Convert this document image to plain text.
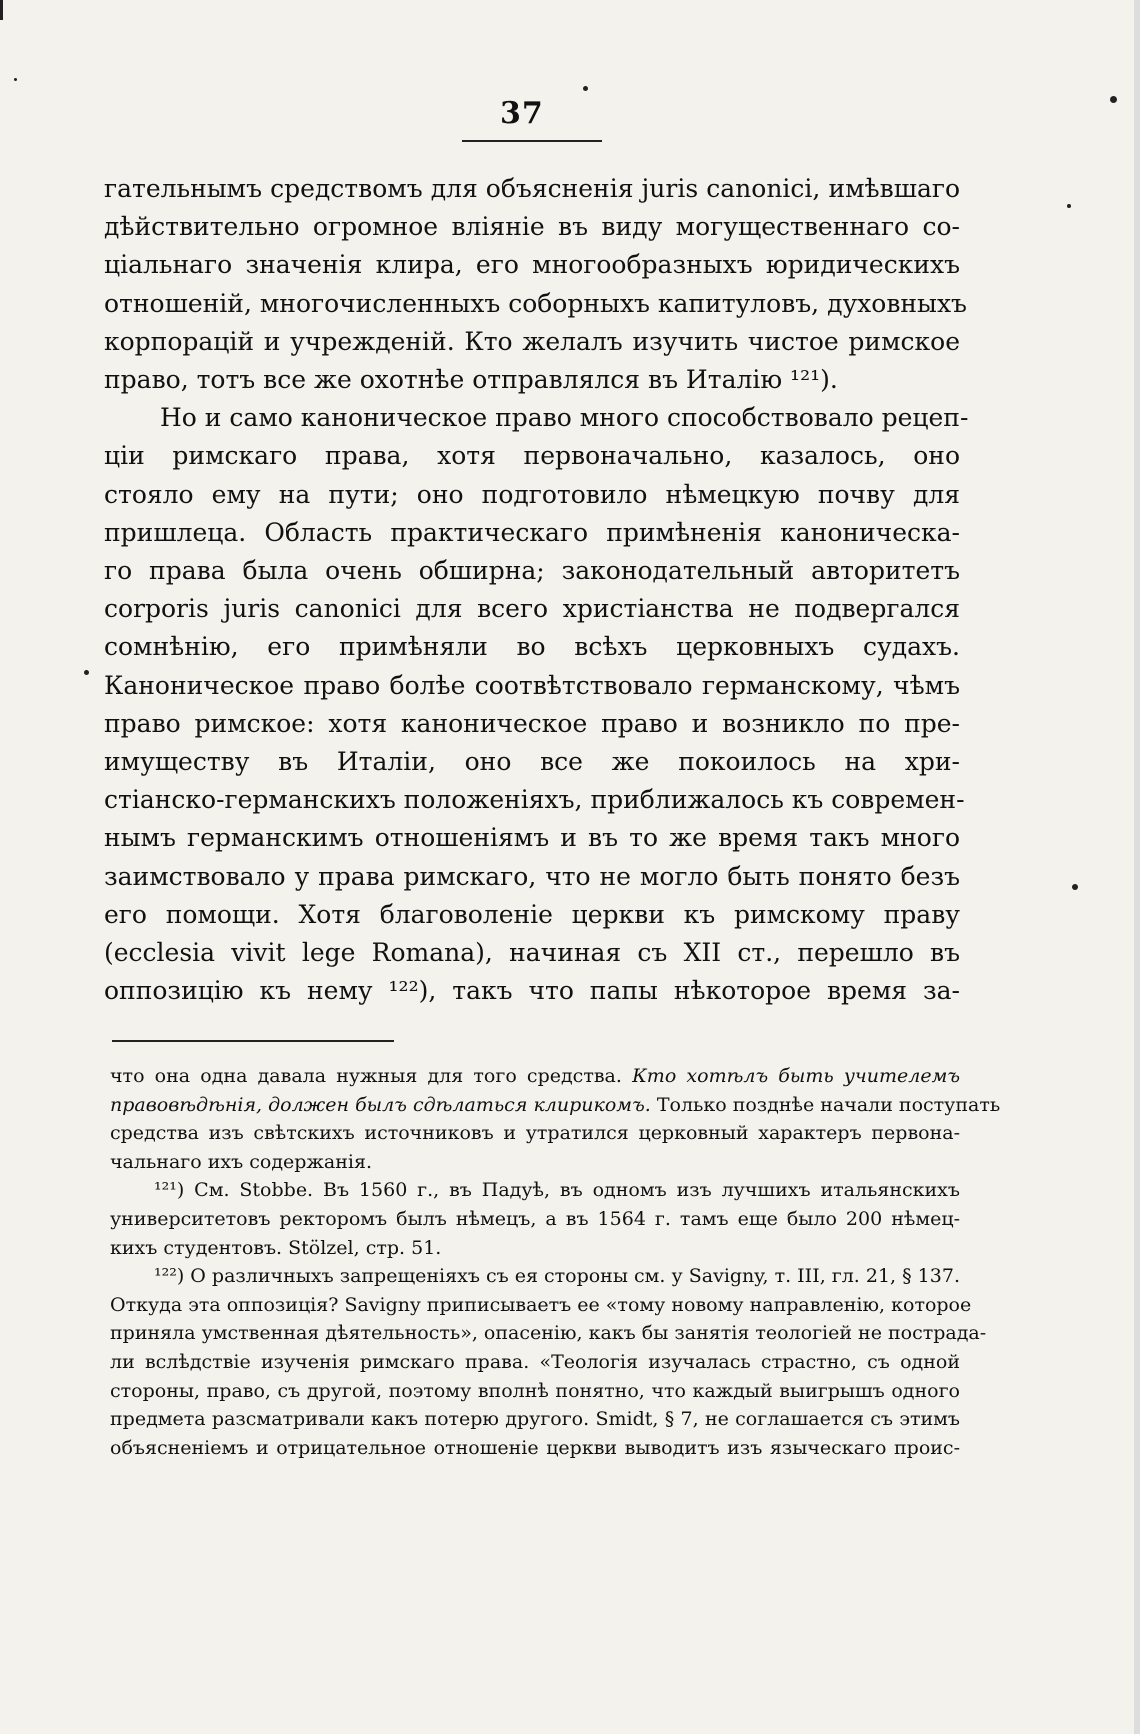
37
гательнымъ средствомъ для объясненія juris canonici, имѣвшаго
дѣйствительно огромное вліяніе въ виду могущественнаго со-
ціальнаго значенія клира, его многообразныхъ юридическихъ
отношеній, многочисленныхъ соборныхъ капитуловъ, духовныхъ
корпорацій и учрежденій. Кто желалъ изучить чистое римское
право, тотъ все же охотнѣе отправлялся въ Италію ¹²¹).
Но и само каноническое право много способствовало рецеп-
ціи римскаго права, хотя первоначально, казалось, оно
стояло ему на пути; оно подготовило нѣмецкую почву для
пришлеца. Область практическаго примѣненія каноническа-
го права была очень обширна; законодательный авторитетъ
corporis juris canonici для всего христіанства не подвергался
сомнѣнію, его примѣняли во всѣхъ церковныхъ судахъ.
Каноническое право болѣе соотвѣтствовало германскому, чѣмъ
право римское: хотя каноническое право и возникло по пре-
имуществу въ Италіи, оно все же покоилось на хри-
стіанско-германскихъ положеніяхъ, приближалось къ современ-
нымъ германскимъ отношеніямъ и въ то же время такъ много
заимствовало у права римскаго, что не могло быть понято безъ
его помощи. Хотя благоволеніе церкви къ римскому праву
(ecclesia vivit lege Romana), начиная съ XII ст., перешло въ
оппозицію къ нему ¹²²), такъ что папы нѣкоторое время за-
что она одна давала нужныя для того средства. Кто хотѣлъ быть учителемъ
правовѣдѣнія, должен былъ сдѣлаться клирикомъ. Только позднѣе начали поступать
средства изъ свѣтскихъ источниковъ и утратился церковный характеръ первона-
чальнаго ихъ содержанія.
¹²¹) См. Stobbe. Въ 1560 г., въ Падуѣ, въ одномъ изъ лучшихъ итальянскихъ
университетовъ ректоромъ былъ нѣмецъ, а въ 1564 г. тамъ еще было 200 нѣмец-
кихъ студентовъ. Stölzel, стр. 51.
¹²²) О различныхъ запрещеніяхъ съ ея стороны см. у Savigny, т. III, гл. 21, § 137.
Откуда эта оппозиція? Savigny приписываетъ ее «тому новому направленію, которое
приняла умственная дѣятельность», опасенію, какъ бы занятія теологіей не пострада-
ли вслѣдствіе изученія римскаго права. «Теологія изучалась страстно, съ одной
стороны, право, съ другой, поэтому вполнѣ понятно, что каждый выигрышъ одного
предмета разсматривали какъ потерю другого. Smidt, § 7, не соглашается съ этимъ
объясненіемъ и отрицательное отношеніе церкви выводитъ изъ языческаго проис-
